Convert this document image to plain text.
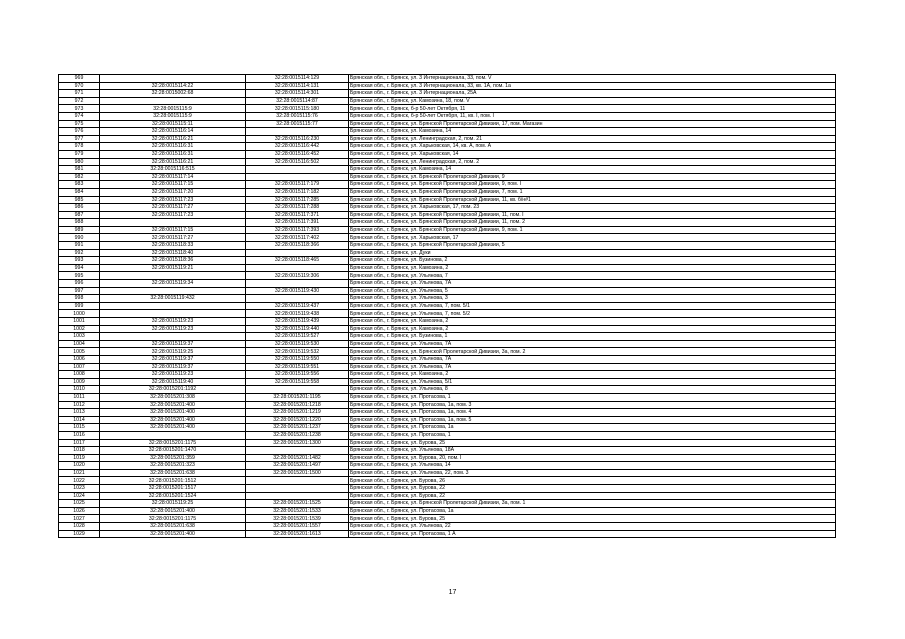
969		32:28:0015114:129	Брянская обл., г. Брянск, ул. 3 Интернационала, 33, пом. V
970	32:28:0015114:22	32:28:0015114:131	Брянская обл., г. Брянск, ул. 3 Интернационала, 33, кв. 1А, пом. 1а
971	32:28:0015002:68	32:28:0015114:301	Брянская обл., г. Брянск, ул. 3 Интернационала, 25А
972		32:28:0015114:87	Брянская обл., г. Брянск, ул. Камозина, 18, пом. V
973	32:28:0015115:9	32:28:0015115:180	Брянская обл., г. Брянск, б-р 50-лет Октября, 11
974	32:28:0015115:9	32:28:0015115:76	Брянская обл., г. Брянск, б-р 50-лет Октября, 11, кв. I, пом. I
975	32:28:0015115:11	32:28:0015115:77	Брянская обл., г. Брянск, ул. Брянской Пролетарской Дивизии, 17, пом. Магазин
976	32:28:0015116:14		Брянская обл., г. Брянск, ул. Камозина, 14
977	32:28:0015116:21	32:28:0015116:230	Брянская обл., г. Брянск, ул. Ленинградская, 2, пом. 21
978	32:28:0015116:31	32:28:0015116:442	Брянская обл., г. Брянск, ул. Харьковская, 14, кв. А, пом. А
979	32:28:0015116:31	32:28:0015116:452	Брянская обл., г. Брянск, ул. Харьковская, 14
980	32:28:0015116:21	32:28:0015116:502	Брянская обл., г. Брянск, ул. Ленинградская, 2, пом. 2
981	32:28:0015116:515		Брянская обл., г. Брянск, ул. Камозина, 14
982	32:28:0015117:14		Брянская обл., г. Брянск, ул. Брянской Пролетарской Дивизии, 9
983	32:28:0015117:15	32:28:0015117:179	Брянская обл., г. Брянск, ул. Брянской Пролетарской Дивизии, 9, пом. I
984	32:28:0015117:20	32:28:0015117:182	Брянская обл., г. Брянск, ул. Брянской Пролетарской Дивизии, 7, пом. 1
985	32:28:0015117:23	32:28:0015117:285	Брянская обл., г. Брянск, ул. Брянской Пролетарской Дивизии, 11, кв. б/н#1
986	32:28:0015117:27	32:28:0015117:288	Брянская обл., г. Брянск, ул. Харьковская, 17, пом. 23
987	32:28:0015117:23	32:28:0015117:371	Брянская обл., г. Брянск, ул. Брянской Пролетарской Дивизии, 11, пом. I
988		32:28:0015117:391	Брянская обл., г. Брянск, ул. Брянской Пролетарской Дивизии, 11, пом. 2
989	32:28:0015117:15	32:28:0015117:393	Брянская обл., г. Брянск, ул. Брянской Пролетарской Дивизии, 9, пом. 1
990	32:28:0015117:27	32:28:0015117:402	Брянская обл., г. Брянск, ул. Харьковская, 17
991	32:28:0015118:33	32:28:0015118:366	Брянская обл., г. Брянск, ул. Брянской Пролетарской Дивизии, 5
992	32:28:0015118:40		Брянская обл., г. Брянск, ул. Дуки
993	32:28:0015118:36	32:28:0015118:465	Брянская обл., г. Брянск, ул. Бузинова, 2
994	32:28:0015119:21		Брянская обл., г. Брянск, ул. Камозина, 2
995		32:28:0015119:306	Брянская обл., г. Брянск, ул. Ульянова, 7
996	32:28:0015119:34		Брянская обл., г. Брянск, ул. Ульянова, 7А
997		32:28:0015119:430	Брянская обл., г. Брянск, ул. Ульянова, 5
998	32:28:0015119:432		Брянская обл., г. Брянск, ул. Ульянова, 3
999		32:28:0015119:437	Брянская обл., г. Брянск, ул. Ульянова, 7, пом. 5/1
1000		32:28:0015119:438	Брянская обл., г. Брянск, ул. Ульянова, 7, пом. 5/2
1001	32:28:0015119:23	32:28:0015119:439	Брянская обл., г. Брянск, ул. Камозина, 2
1002	32:28:0015119:23	32:28:0015119:440	Брянская обл., г. Брянск, ул. Камозина, 2
1003		32:28:0015119:527	Брянская обл., г. Брянск, ул. Бузинова, 1
1004	32:28:0015119:37	32:28:0015119:530	Брянская обл., г. Брянск, ул. Ульянова, 7А
1005	32:28:0015119:25	32:28:0015119:532	Брянская обл., г. Брянск, ул. Брянской Пролетарской Дивизии, 3а, пом. 2
1006	32:28:0015119:37	32:28:0015119:550	Брянская обл., г. Брянск, ул. Ульянова, 7А
1007	32:28:0015119:37	32:28:0015119:551	Брянская обл., г. Брянск, ул. Ульянова, 7А
1008	32:28:0015119:23	32:28:0015119:556	Брянская обл., г. Брянск, ул. Камозина, 2
1009	32:28:0015119:40	32:28:0015119:558	Брянская обл., г. Брянск, ул. Ульянова, 5/1
1010	32:28:0015201:1192		Брянская обл., г. Брянск, ул. Ульянова, 8
1011	32:28:0015201:308	32:28:0015201:1195	Брянская обл., г. Брянск, ул. Протасова, 1
1012	32:28:0015201:400	32:28:0015201:1218	Брянская обл., г. Брянск, ул. Протасова, 1а, пом. 3
1013	32:28:0015201:400	32:28:0015201:1219	Брянская обл., г. Брянск, ул. Протасова, 1а, пом. 4
1014	32:28:0015201:400	32:28:0015201:1220	Брянская обл., г. Брянск, ул. Протасова, 1а, пом. 5
1015	32:28:0015201:400	32:28:0015201:1237	Брянская обл., г. Брянск, ул. Протасова, 1а
1016		32:28:0015201:1238	Брянская обл., г. Брянск, ул. Протасова, 1
1017	32:28:0015201:1175	32:28:0015201:1300	Брянская обл., г. Брянск, ул. Бурова, 25
1018	32:28:0015201:1470		Брянская обл., г. Брянск, ул. Ульянова, 18А
1019	32:28:0015201:359	32:28:0015201:1482	Брянская обл., г. Брянск, ул. Бурова, 20, пом. I
1020	32:28:0015201:323	32:28:0015201:1497	Брянская обл., г. Брянск, ул. Ульянова, 14
1021	32:28:0015201:638	32:28:0015201:1500	Брянская обл., г. Брянск, ул. Ульянова, 22, пом. 3
1022	32:28:0015201:1512		Брянская обл., г. Брянск, ул. Бурова, 26
1023	32:28:0015201:1517		Брянская обл., г. Брянск, ул. Бурова, 22
1024	32:28:0015201:1524		Брянская обл., г. Брянск, ул. Бурова, 22
1025	32:28:0015119:25	32:28:0015201:1525	Брянская обл., г. Брянск, ул. Брянской Пролетарской Дивизии, 3а, пом. 1
1026	32:28:0015201:400	32:28:0015201:1533	Брянская обл., г. Брянск, ул. Протасова, 1а
1027	32:28:0015201:1175	32:28:0015201:1539	Брянская обл., г. Брянск, ул. Бурова, 25
1028	32:28:0015201:638	32:28:0015201:1557	Брянская обл., г. Брянск, ул. Ульянова, 22
1029	32:28:0015201:400	32:28:0015201:1613	Брянская обл., г. Брянск, ул. Протасова, 1 А
17
